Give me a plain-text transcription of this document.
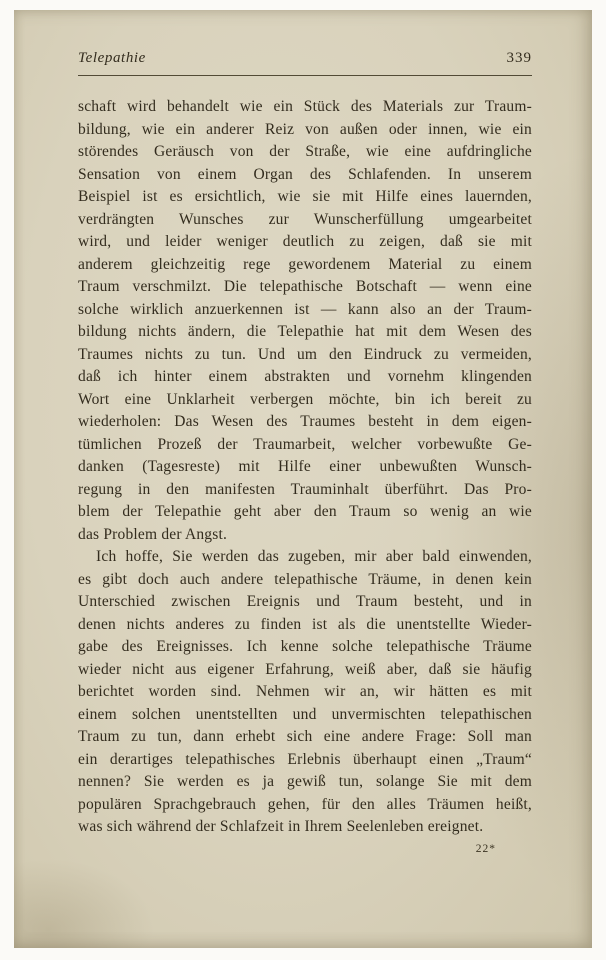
Telepathie	339
schaft wird behandelt wie ein Stück des Materials zur Traum-
bildung, wie ein anderer Reiz von außen oder innen, wie ein
störendes Geräusch von der Straße, wie eine aufdringliche
Sensation von einem Organ des Schlafenden. In unserem
Beispiel ist es ersichtlich, wie sie mit Hilfe eines lauernden,
verdrängten Wunsches zur Wunscherfüllung umgearbeitet
wird, und leider weniger deutlich zu zeigen, daß sie mit
anderem gleichzeitig rege gewordenem Material zu einem
Traum verschmilzt. Die telepathische Botschaft — wenn eine
solche wirklich anzuerkennen ist — kann also an der Traum-
bildung nichts ändern, die Telepathie hat mit dem Wesen des
Traumes nichts zu tun. Und um den Eindruck zu vermeiden,
daß ich hinter einem abstrakten und vornehm klingenden
Wort eine Unklarheit verbergen möchte, bin ich bereit zu
wiederholen: Das Wesen des Traumes besteht in dem eigen-
tümlichen Prozeß der Traumarbeit, welcher vorbewußte Ge-
danken (Tagesreste) mit Hilfe einer unbewußten Wunsch-
regung in den manifesten Trauminhalt überführt. Das Pro-
blem der Telepathie geht aber den Traum so wenig an wie
das Problem der Angst.
Ich hoffe, Sie werden das zugeben, mir aber bald einwenden,
es gibt doch auch andere telepathische Träume, in denen kein
Unterschied zwischen Ereignis und Traum besteht, und in
denen nichts anderes zu finden ist als die unentstellte Wieder-
gabe des Ereignisses. Ich kenne solche telepathische Träume
wieder nicht aus eigener Erfahrung, weiß aber, daß sie häufig
berichtet worden sind. Nehmen wir an, wir hätten es mit
einem solchen unentstellten und unvermischten telepathischen
Traum zu tun, dann erhebt sich eine andere Frage: Soll man
ein derartiges telepathisches Erlebnis überhaupt einen „Traum“
nennen? Sie werden es ja gewiß tun, solange Sie mit dem
populären Sprachgebrauch gehen, für den alles Träumen heißt,
was sich während der Schlafzeit in Ihrem Seelenleben ereignet.
22*
